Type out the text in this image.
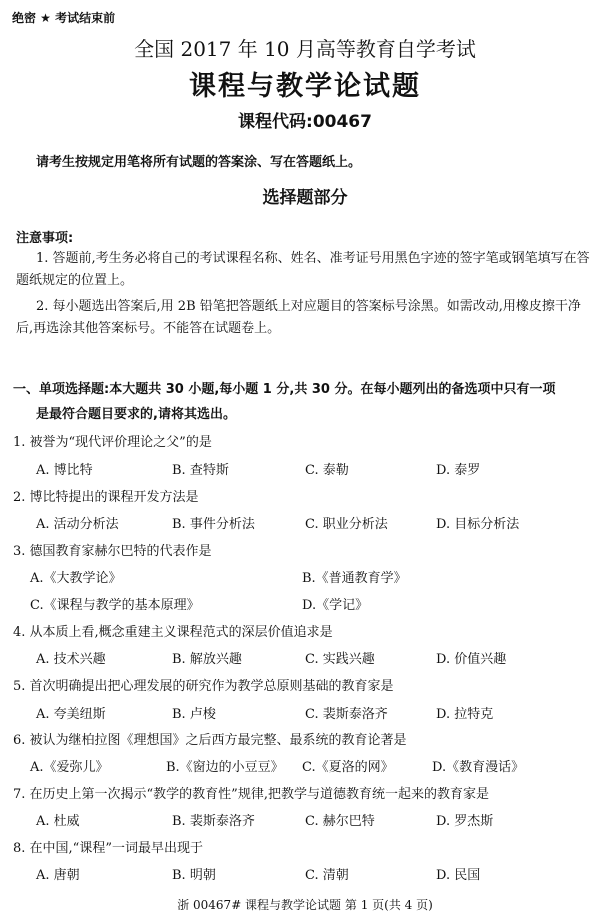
绝密 ★ 考试结束前
全国 2017 年 10 月高等教育自学考试
课程与教学论试题
课程代码:00467
请考生按规定用笔将所有试题的答案涂、写在答题纸上。
选择题部分
注意事项:
1. 答题前,考生务必将自己的考试课程名称、姓名、准考证号用黑色字迹的签字笔或钢笔填写在答题纸规定的位置上。
2. 每小题选出答案后,用 2B 铅笔把答题纸上对应题目的答案标号涂黑。如需改动,用橡皮擦干净后,再选涂其他答案标号。不能答在试题卷上。
一、单项选择题:本大题共 30 小题,每小题 1 分,共 30 分。在每小题列出的备选项中只有一项
是最符合题目要求的,请将其选出。
1. 被誉为“现代评价理论之父”的是
A. 博比特	B. 查特斯	C. 泰勒	D. 泰罗
2. 博比特提出的课程开发方法是
A. 活动分析法	B. 事件分析法	C. 职业分析法	D. 目标分析法
3. 德国教育家赫尔巴特的代表作是
A.《大教学论》	B.《普通教育学》
C.《课程与教学的基本原理》	D.《学记》
4. 从本质上看,概念重建主义课程范式的深层价值追求是
A. 技术兴趣	B. 解放兴趣	C. 实践兴趣	D. 价值兴趣
5. 首次明确提出把心理发展的研究作为教学总原则基础的教育家是
A. 夸美纽斯	B. 卢梭	C. 裴斯泰洛齐	D. 拉特克
6. 被认为继柏拉图《理想国》之后西方最完整、最系统的教育论著是
A.《爱弥儿》	B.《窗边的小豆豆》 C.《夏洛的网》	D.《教育漫话》
7. 在历史上第一次揭示“教学的教育性”规律,把教学与道德教育统一起来的教育家是
A. 杜威	B. 裴斯泰洛齐	C. 赫尔巴特	D. 罗杰斯
8. 在中国,“课程”一词最早出现于
A. 唐朝	B. 明朝	C. 清朝	D. 民国
浙 00467# 课程与教学论试题 第 1 页(共 4 页)
